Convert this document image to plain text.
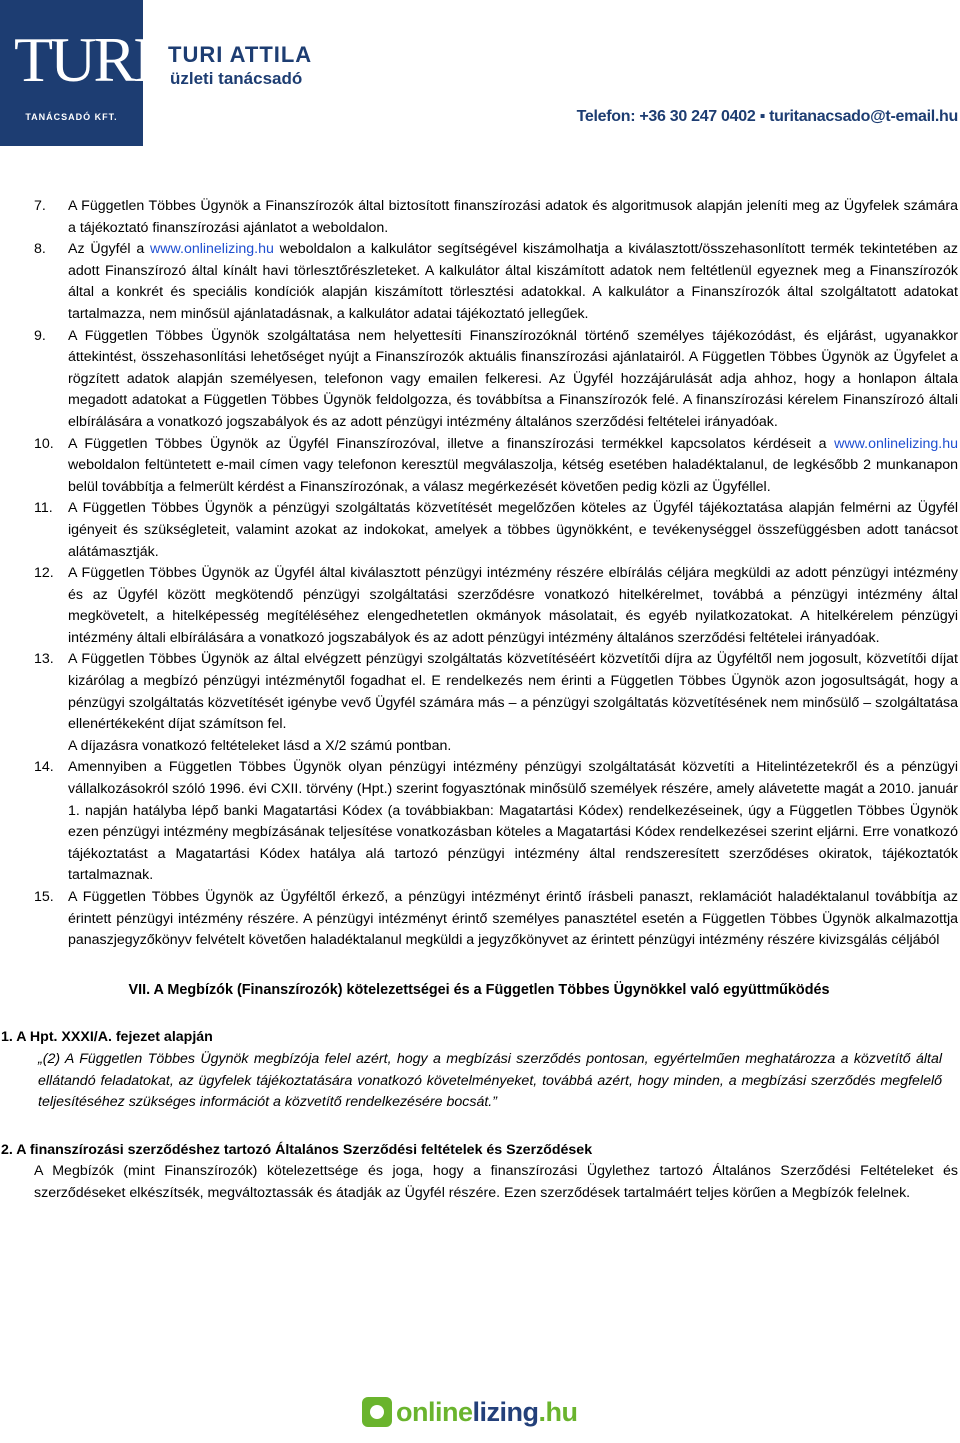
TURI
TANÁCSADÓ KFT.
TURI ATTILA
üzleti tanácsadó
Telefon: +36 30 247 0402 ▪ turitanacsado@t-email.hu
7. A Független Többes Ügynök a Finanszírozók által biztosított finanszírozási adatok és algoritmusok alapján jeleníti meg az Ügyfelek számára a tájékoztató finanszírozási ajánlatot a weboldalon.
8. Az Ügyfél a www.onlinelizing.hu weboldalon a kalkulátor segítségével kiszámolhatja a kiválasztott/összehasonlított termék tekintetében az adott Finanszírozó által kínált havi törlesztőrészleteket. A kalkulátor által kiszámított adatok nem feltétlenül egyeznek meg a Finanszírozók által a konkrét és speciális kondíciók alapján kiszámított törlesztési adatokkal. A kalkulátor a Finanszírozók által szolgáltatott adatokat tartalmazza, nem minősül ajánlatadásnak, a kalkulátor adatai tájékoztató jellegűek.
9. A Független Többes Ügynök szolgáltatása nem helyettesíti Finanszírozóknál történő személyes tájékozódást, és eljárást, ugyanakkor áttekintést, összehasonlítási lehetőséget nyújt a Finanszírozók aktuális finanszírozási ajánlatairól. A Független Többes Ügynök az Ügyfelet a rögzített adatok alapján személyesen, telefonon vagy emailen felkeresi. Az Ügyfél hozzájárulását adja ahhoz, hogy a honlapon általa megadott adatokat a Független Többes Ügynök feldolgozza, és továbbítsa a Finanszírozók felé. A finanszírozási kérelem Finanszírozó általi elbírálására a vonatkozó jogszabályok és az adott pénzügyi intézmény általános szerződési feltételei irányadóak.
10. A Független Többes Ügynök az Ügyfél Finanszírozóval, illetve a finanszírozási termékkel kapcsolatos kérdéseit a www.onlinelizing.hu weboldalon feltüntetett e-mail címen vagy telefonon keresztül megválaszolja, kétség esetében haladéktalanul, de legkésőbb 2 munkanapon belül továbbítja a felmerült kérdést a Finanszírozónak, a válasz megérkezését követően pedig közli az Ügyféllel.
11. A Független Többes Ügynök a pénzügyi szolgáltatás közvetítését megelőzően köteles az Ügyfél tájékoztatása alapján felmérni az Ügyfél igényeit és szükségleteit, valamint azokat az indokokat, amelyek a többes ügynökként, e tevékenységgel összefüggésben adott tanácsot alátámasztják.
12. A Független Többes Ügynök az Ügyfél által kiválasztott pénzügyi intézmény részére elbírálás céljára megküldi az adott pénzügyi intézmény és az Ügyfél között megkötendő pénzügyi szolgáltatási szerződésre vonatkozó hitelkérelmet, továbbá a pénzügyi intézmény által megkövetelt, a hitelképesség megítéléséhez elengedhetetlen okmányok másolatait, és egyéb nyilatkozatokat. A hitelkérelem pénzügyi intézmény általi elbírálására a vonatkozó jogszabályok és az adott pénzügyi intézmény általános szerződési feltételei irányadóak.
13. A Független Többes Ügynök az által elvégzett pénzügyi szolgáltatás közvetítéséért közvetítői díjra az Ügyféltől nem jogosult, közvetítői díjat kizárólag a megbízó pénzügyi intézménytől fogadhat el. E rendelkezés nem érinti a Független Többes Ügynök azon jogosultságát, hogy a pénzügyi szolgáltatás közvetítését igénybe vevő Ügyfél számára más – a pénzügyi szolgáltatás közvetítésének nem minősülő – szolgáltatása ellenértékeként díjat számítson fel.
A díjazásra vonatkozó feltételeket lásd a X/2 számú pontban.
14. Amennyiben a Független Többes Ügynök olyan pénzügyi intézmény pénzügyi szolgáltatását közvetíti a Hitelintézetekről és a pénzügyi vállalkozásokról szóló 1996. évi CXII. törvény (Hpt.) szerint fogyasztónak minősülő személyek részére, amely alávetette magát a 2010. január 1. napján hatályba lépő banki Magatartási Kódex (a továbbiakban: Magatartási Kódex) rendelkezéseinek, úgy a Független Többes Ügynök ezen pénzügyi intézmény megbízásának teljesítése vonatkozásban köteles a Magatartási Kódex rendelkezései szerint eljárni. Erre vonatkozó tájékoztatást a Magatartási Kódex hatálya alá tartozó pénzügyi intézmény által rendszeresített szerződéses okiratok, tájékoztatók tartalmaznak.
15. A Független Többes Ügynök az Ügyféltől érkező, a pénzügyi intézményt érintő írásbeli panaszt, reklamációt haladéktalanul továbbítja az érintett pénzügyi intézmény részére. A pénzügyi intézményt érintő személyes panasztétel esetén a Független Többes Ügynök alkalmazottja panaszjegyzőkönyv felvételt követően haladéktalanul megküldi a jegyzőkönyvet az érintett pénzügyi intézmény részére kivizsgálás céljából
VII. A Megbízók (Finanszírozók) kötelezettségei és a Független Többes Ügynökkel való együttműködés
1. A Hpt. XXXI/A. fejezet alapján
„(2) A Független Többes Ügynök megbízója felel azért, hogy a megbízási szerződés pontosan, egyértelműen meghatározza a közvetítő által ellátandó feladatokat, az ügyfelek tájékoztatására vonatkozó követelményeket, továbbá azért, hogy minden, a megbízási szerződés megfelelő teljesítéséhez szükséges információt a közvetítő rendelkezésére bocsát.”
2. A finanszírozási szerződéshez tartozó Általános Szerződési feltételek és Szerződések
A Megbízók (mint Finanszírozók) kötelezettsége és joga, hogy a finanszírozási Ügylethez tartozó Általános Szerződési Feltételeket és szerződéseket elkészítsék, megváltoztassák és átadják az Ügyfél részére. Ezen szerződések tartalmáért teljes körűen a Megbízók felelnek.
onlinelizing.hu
